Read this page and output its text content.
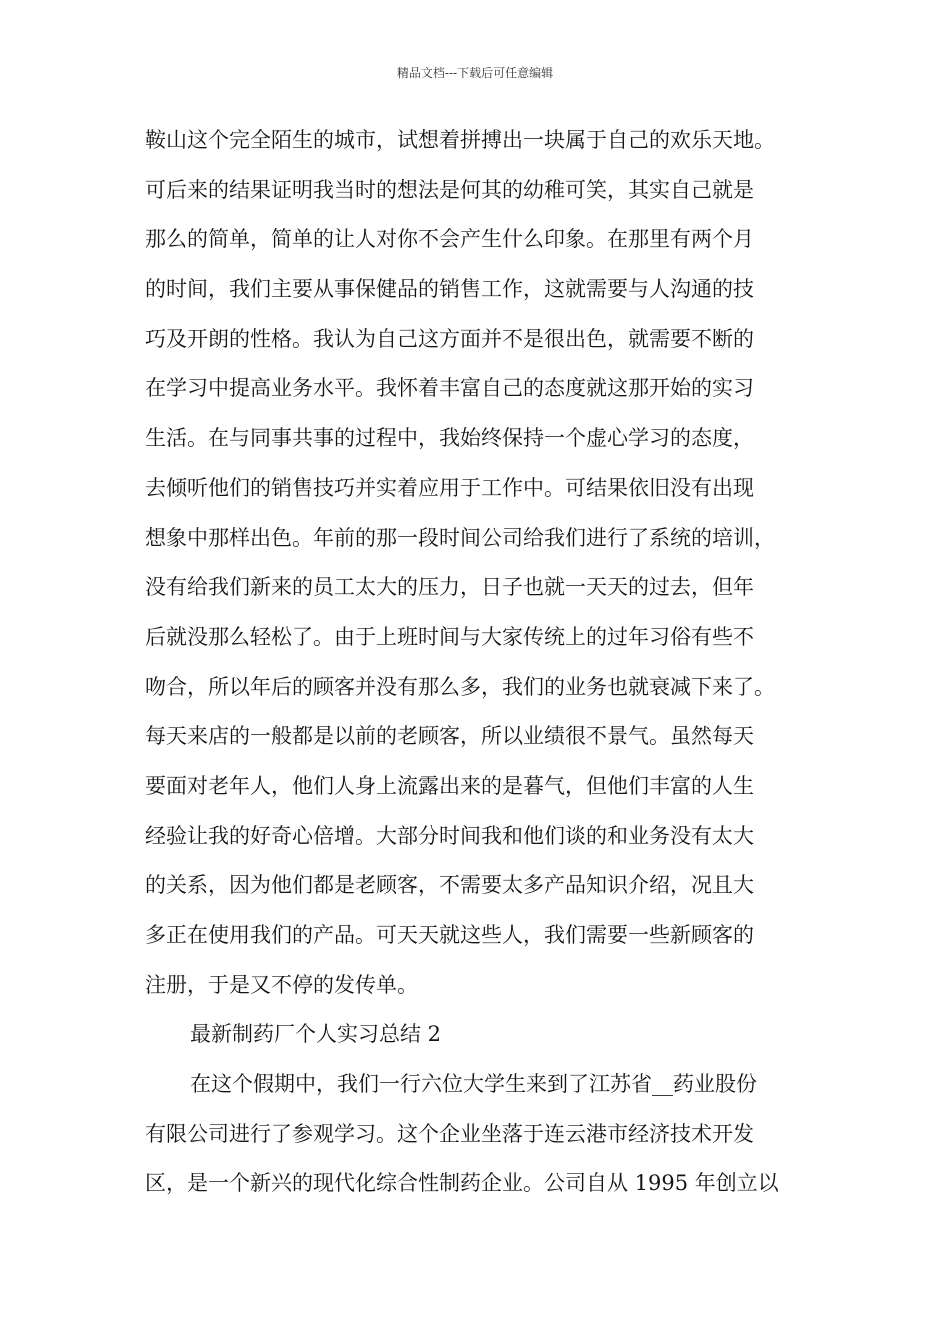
精品文档---下载后可任意编辑
鞍山这个完全陌生的城市，试想着拼搏出一块属于自己的欢乐天地。
可后来的结果证明我当时的想法是何其的幼稚可笑，其实自己就是
那么的简单，简单的让人对你不会产生什么印象。在那里有两个月
的时间，我们主要从事保健品的销售工作，这就需要与人沟通的技
巧及开朗的性格。我认为自己这方面并不是很出色，就需要不断的
在学习中提高业务水平。我怀着丰富自己的态度就这那开始的实习
生活。在与同事共事的过程中，我始终保持一个虚心学习的态度，
去倾听他们的销售技巧并实着应用于工作中。可结果依旧没有出现
想象中那样出色。年前的那一段时间公司给我们进行了系统的培训，
没有给我们新来的员工太大的压力，日子也就一天天的过去，但年
后就没那么轻松了。由于上班时间与大家传统上的过年习俗有些不
吻合，所以年后的顾客并没有那么多，我们的业务也就衰减下来了。
每天来店的一般都是以前的老顾客，所以业绩很不景气。虽然每天
要面对老年人，他们人身上流露出来的是暮气，但他们丰富的人生
经验让我的好奇心倍增。大部分时间我和他们谈的和业务没有太大
的关系，因为他们都是老顾客，不需要太多产品知识介绍，况且大
多正在使用我们的产品。可天天就这些人，我们需要一些新顾客的
注册，于是又不停的发传单。
最新制药厂个人实习总结 2
在这个假期中，我们一行六位大学生来到了江苏省__药业股份
有限公司进行了参观学习。这个企业坐落于连云港市经济技术开发
区，是一个新兴的现代化综合性制药企业。公司自从 1995 年创立以
